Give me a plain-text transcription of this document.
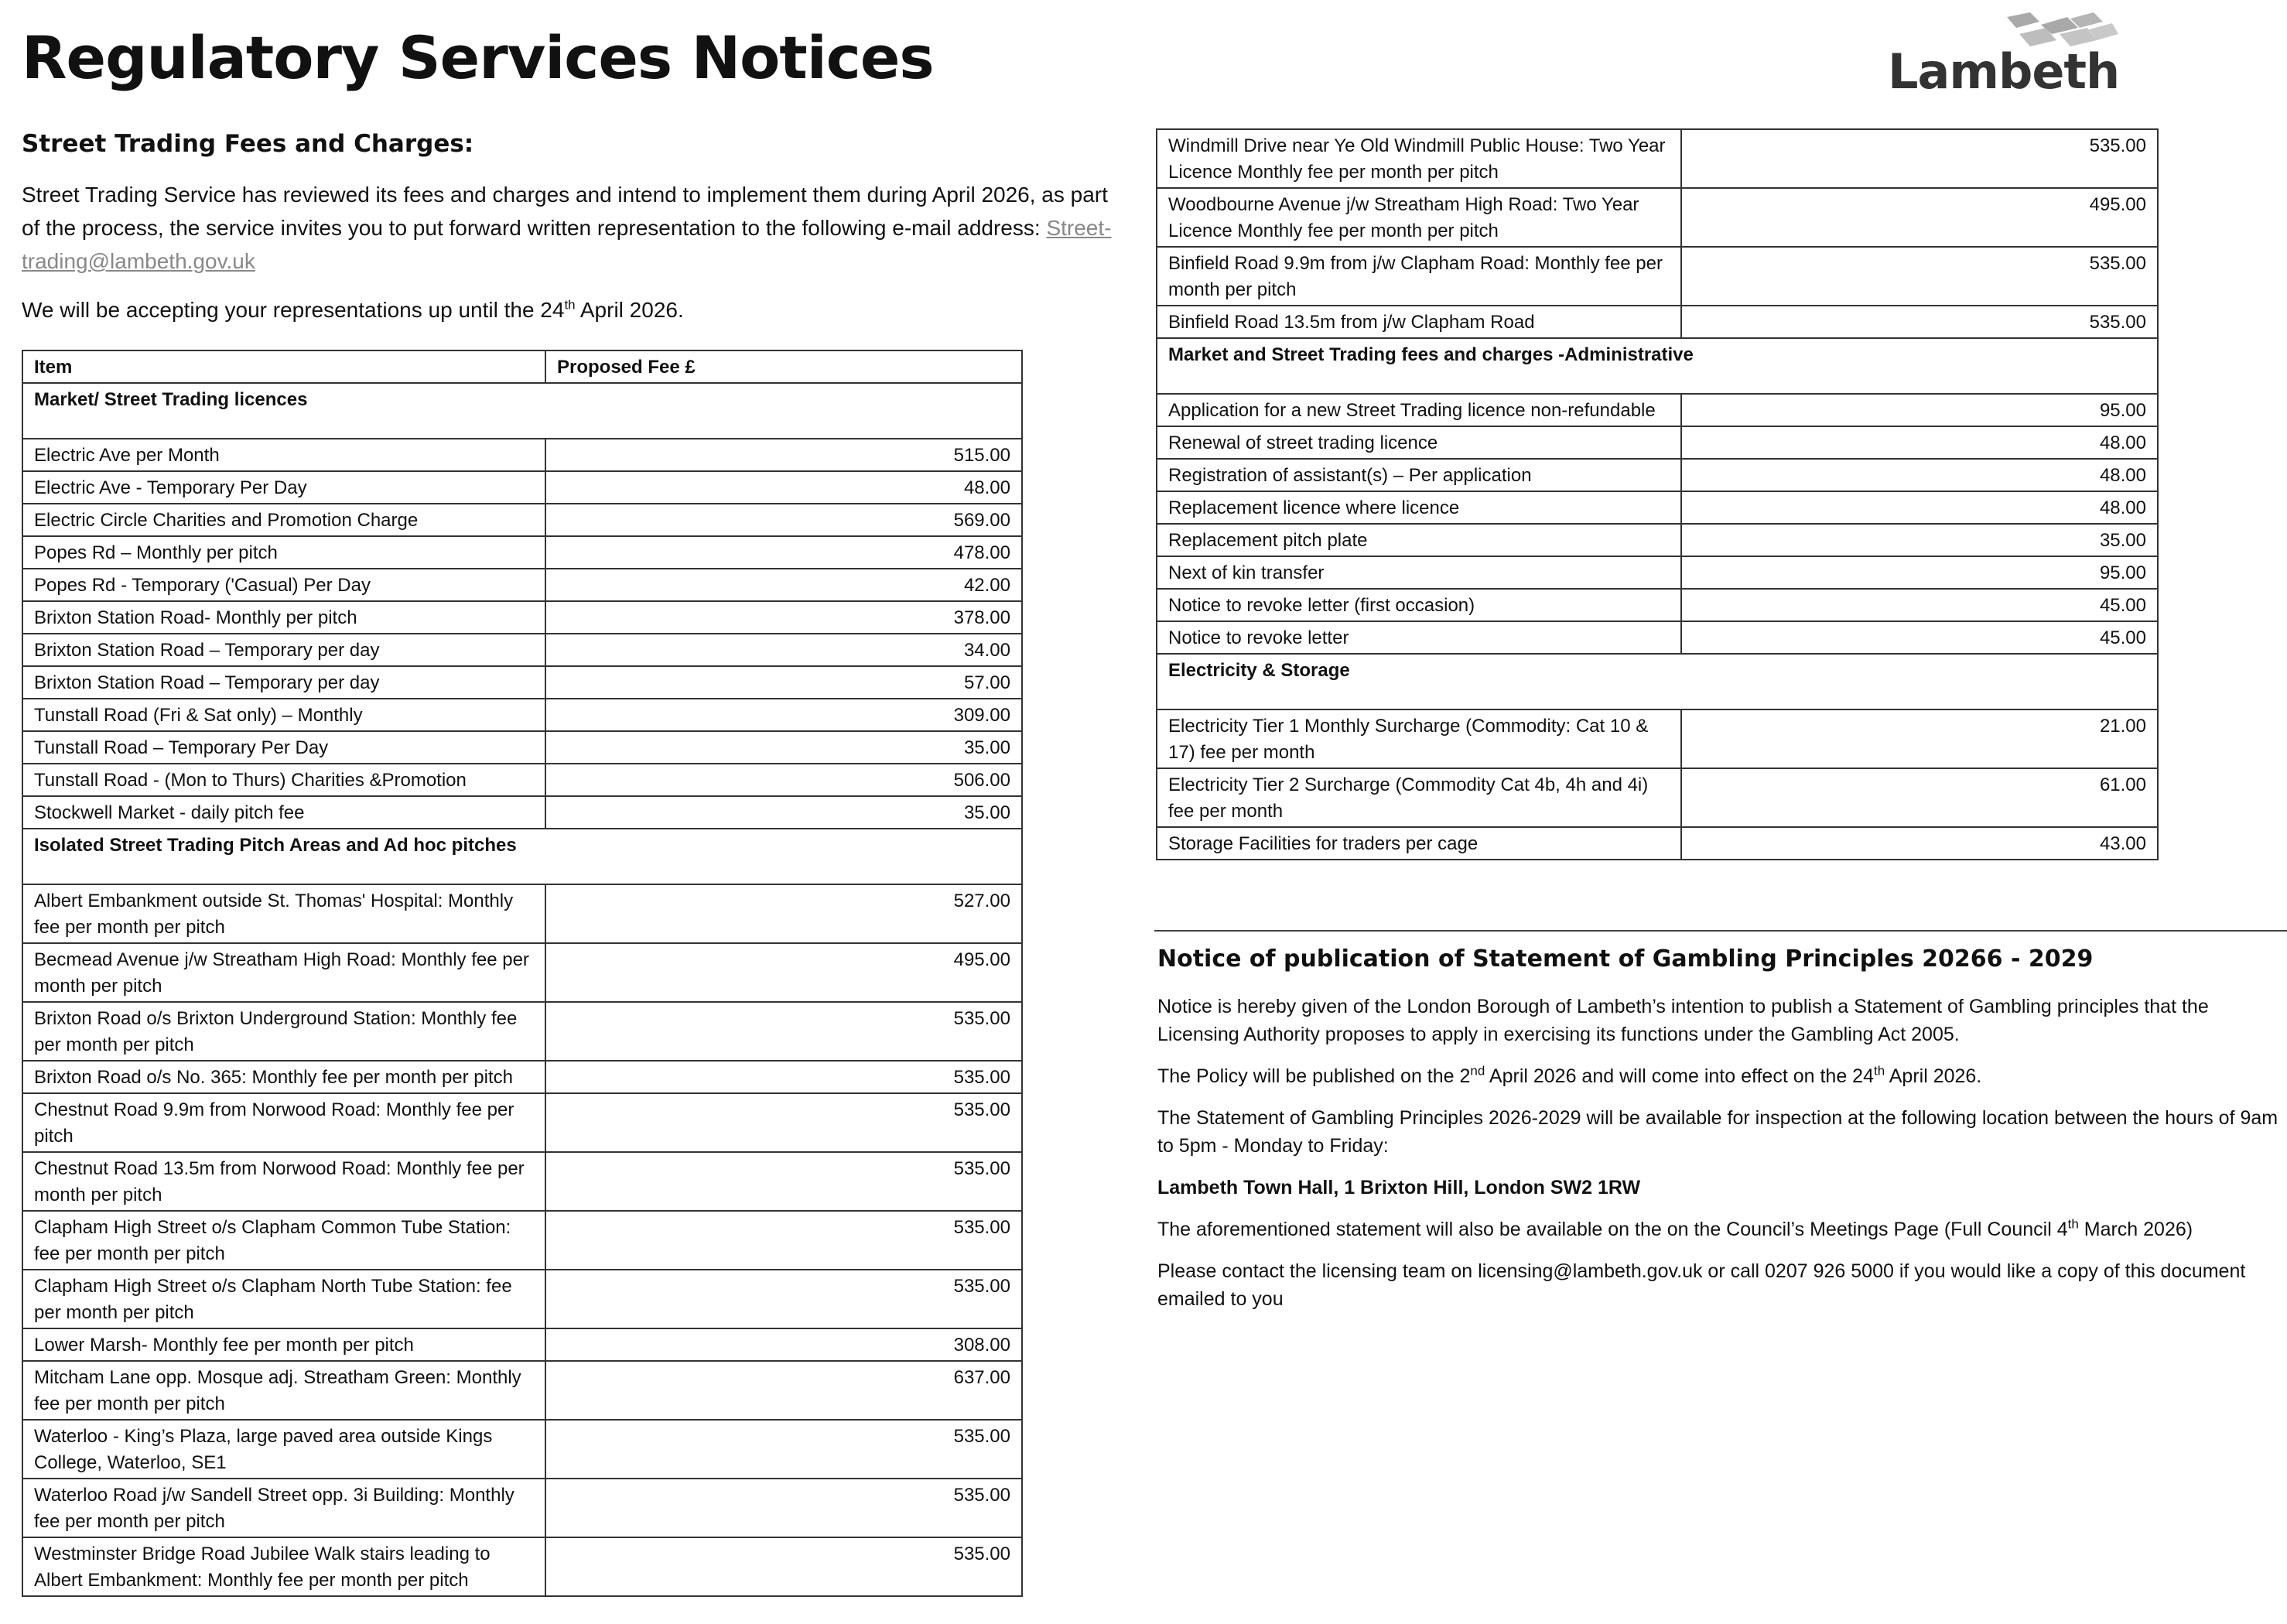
Regulatory Services Notices	Lambeth

Street Trading Fees and Charges:

Street Trading Service has reviewed its fees and charges and intend to implement them during April 2026, as part of the process, the service invites you to put forward written representation to the following e-mail address: Street-trading@lambeth.gov.uk

We will be accepting your representations up until the 24th April 2026.

Item	Proposed Fee £
Market/ Street Trading licences	
Electric Ave per Month	515.00
Electric Ave - Temporary Per Day	48.00
Electric Circle Charities and Promotion Charge	569.00
Popes Rd – Monthly per pitch	478.00
Popes Rd - Temporary ('Casual) Per Day	42.00
Brixton Station Road- Monthly per pitch	378.00
Brixton Station Road – Temporary per day	34.00
Brixton Station Road – Temporary per day	57.00
Tunstall Road (Fri & Sat only) – Monthly	309.00
Tunstall Road – Temporary Per Day	35.00
Tunstall Road - (Mon to Thurs) Charities &Promotion	506.00
Stockwell Market - daily pitch fee	35.00
Isolated Street Trading Pitch Areas and Ad hoc pitches	
Albert Embankment outside St. Thomas' Hospital: Monthly fee per month per pitch	527.00
Becmead Avenue j/w Streatham High Road: Monthly fee per month per pitch	495.00
Brixton Road o/s Brixton Underground Station: Monthly fee per month per pitch	535.00
Brixton Road o/s No. 365: Monthly fee per month per pitch	535.00
Chestnut Road 9.9m from Norwood Road: Monthly fee per pitch	535.00
Chestnut Road 13.5m from Norwood Road: Monthly fee per month per pitch	535.00
Clapham High Street o/s Clapham Common Tube Station: fee per month per pitch	535.00
Clapham High Street o/s Clapham North Tube Station: fee per month per pitch	535.00
Lower Marsh- Monthly fee per month per pitch	308.00
Mitcham Lane opp. Mosque adj. Streatham Green: Monthly fee per month per pitch	637.00
Waterloo - King’s Plaza, large paved area outside Kings College, Waterloo, SE1	535.00
Waterloo Road j/w Sandell Street opp. 3i Building: Monthly fee per month per pitch	535.00
Westminster Bridge Road Jubilee Walk stairs leading to Albert Embankment: Monthly fee per month per pitch	535.00
Windmill Drive near Ye Old Windmill Public House: Two Year Licence Monthly fee per month per pitch	535.00
Woodbourne Avenue j/w Streatham High Road: Two Year Licence Monthly fee per month per pitch	495.00
Binfield Road 9.9m from j/w Clapham Road: Monthly fee per month per pitch	535.00
Binfield Road 13.5m from j/w Clapham Road	535.00
Market and Street Trading fees and charges -Administrative	
Application for a new Street Trading licence non-refundable	95.00
Renewal of street trading licence	48.00
Registration of assistant(s) – Per application	48.00
Replacement licence where licence	48.00
Replacement pitch plate	35.00
Next of kin transfer	95.00
Notice to revoke letter (first occasion)	45.00
Notice to revoke letter	45.00
Electricity & Storage	
Electricity Tier 1 Monthly Surcharge (Commodity: Cat 10 & 17) fee per month	21.00
Electricity Tier 2 Surcharge (Commodity Cat 4b, 4h and 4i) fee per month	61.00
Storage Facilities for traders per cage	43.00

Notice of publication of Statement of Gambling Principles 20266 - 2029

Notice is hereby given of the London Borough of Lambeth’s intention to publish a Statement of Gambling principles that the Licensing Authority proposes to apply in exercising its functions under the Gambling Act 2005.

The Policy will be published on the 2nd April 2026 and will come into effect on the 24th April 2026.

The Statement of Gambling Principles 2026-2029 will be available for inspection at the following location between the hours of 9am to 5pm - Monday to Friday:

Lambeth Town Hall, 1 Brixton Hill, London SW2 1RW

The aforementioned statement will also be available on the on the Council’s Meetings Page (Full Council 4th March 2026)

Please contact the licensing team on licensing@lambeth.gov.uk or call 0207 926 5000 if you would like a copy of this document emailed to you
